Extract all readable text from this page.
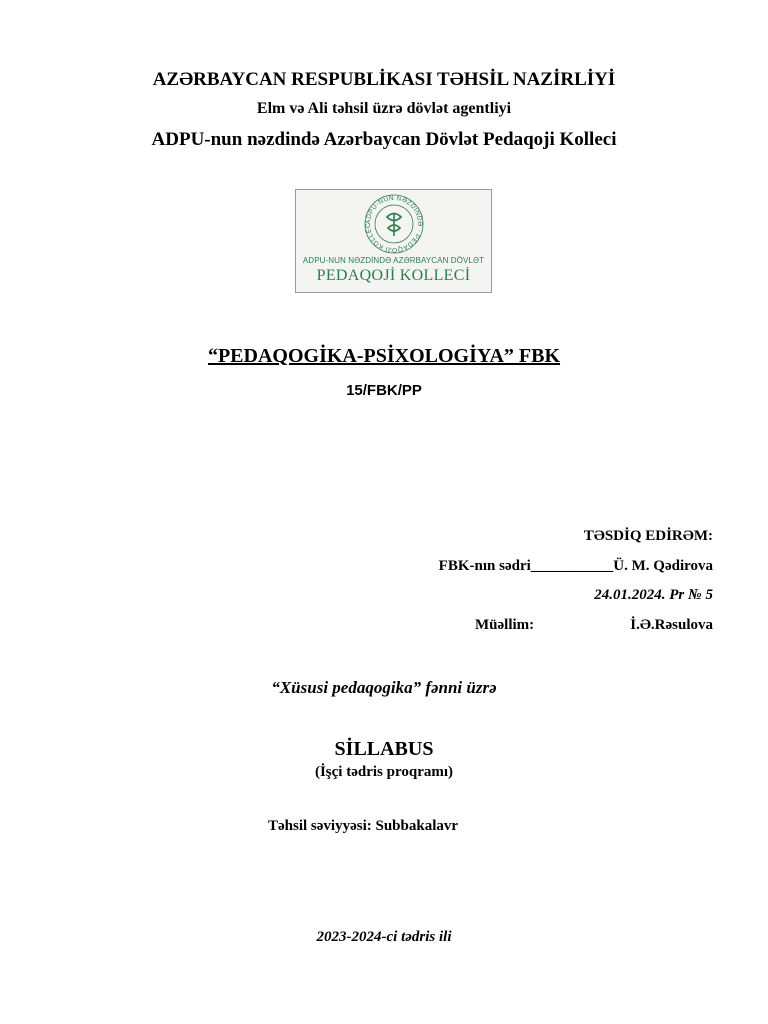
AZƏRBAYCAN RESPUBLİKASI TƏHSİL NAZİRLİYİ
Elm və Ali təhsil üzrə dövlət agentliyi
ADPU-nun nəzdində Azərbaycan Dövlət Pedaqoji Kolleci
ADPU-NUN NƏZDİNDƏ · PEDAQOJİ KOLLEC
ADPU-NUN NƏZDİNDƏ AZƏRBAYCAN DÖVLƏT
PEDAQOJİ KOLLECİ
“PEDAQOGİKA-PSİXOLOGİYA” FBK
15/FBK/PP
TƏSDİQ EDİRƏM:
FBK-nın sədri___________Ü. M. Qədirova
24.01.2024. Pr № 5
Müəllim:	İ.Ə.Rəsulova
“Xüsusi pedaqogika” fənni üzrə
SİLLABUS
(İşçi tədris proqramı)
Təhsil səviyyəsi: Subbakalavr
2023-2024-ci tədris ili
